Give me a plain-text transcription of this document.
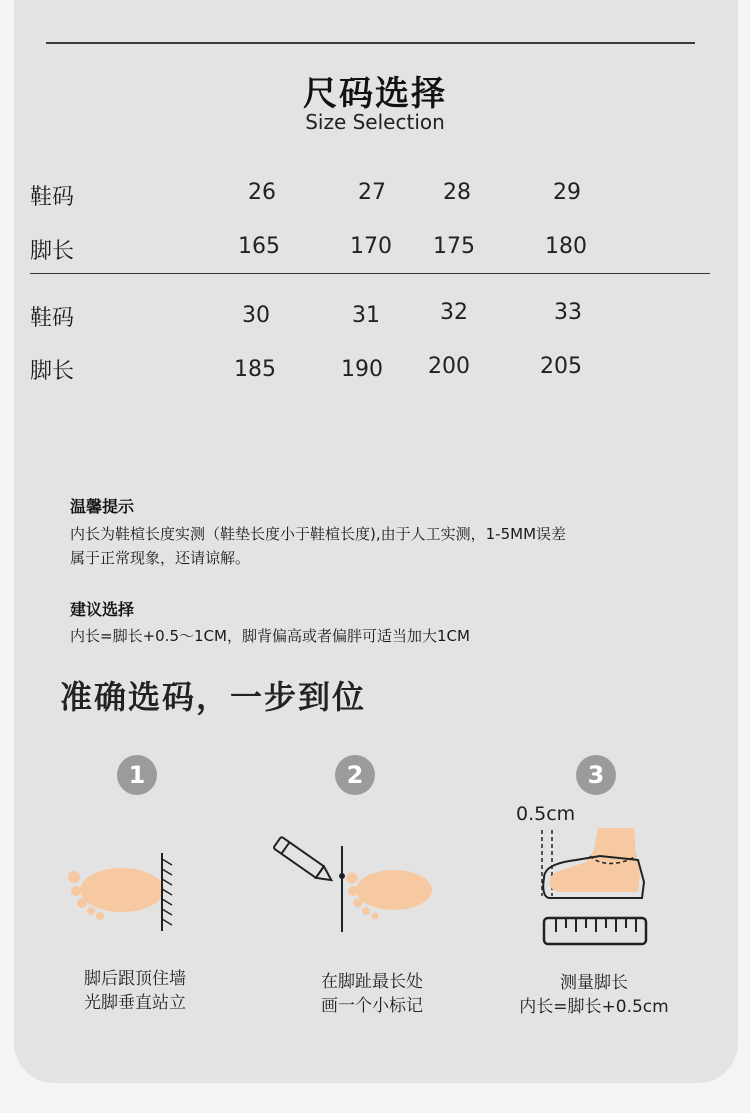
尺码选择
Size Selection
鞋码	26	27	28	29
脚长	165	170	175	180
鞋码	30	31	32	33
脚长	185	190	200	205
温馨提示
内长为鞋楦长度实测（鞋垫长度小于鞋楦长度),由于人工实测，1-5MM误差
属于正常现象，还请谅解。
建议选择
内长=脚长+0.5～1CM，脚背偏高或者偏胖可适当加大1CM
准确选码，一步到位
1
脚后跟顶住墙
光脚垂直站立
2
在脚趾最长处
画一个小标记
3
0.5cm
测量脚长
内长=脚长+0.5cm
